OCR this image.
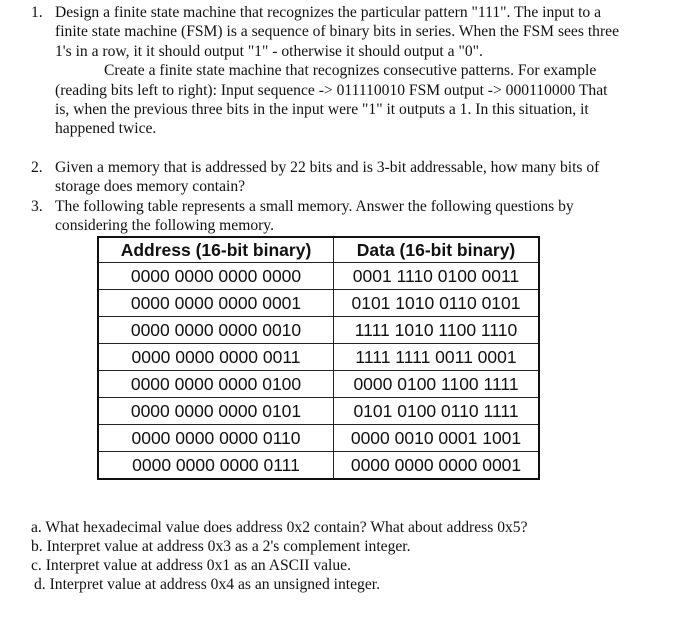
1. Design a finite state machine that recognizes the particular pattern "111". The input to a
finite state machine (FSM) is a sequence of binary bits in series. When the FSM sees three
1's in a row, it it should output "1" - otherwise it should output a "0".
Create a finite state machine that recognizes consecutive patterns. For example
(reading bits left to right): Input sequence -> 011110010 FSM output -> 000110000 That
is, when the previous three bits in the input were "1" it outputs a 1. In this situation, it
happened twice.
2. Given a memory that is addressed by 22 bits and is 3-bit addressable, how many bits of
storage does memory contain?
3. The following table represents a small memory. Answer the following questions by
considering the following memory.
Address (16-bit binary)	Data (16-bit binary)
0000 0000 0000 0000	0001 1110 0100 0011
0000 0000 0000 0001	0101 1010 0110 0101
0000 0000 0000 0010	1111 1010 1100 1110
0000 0000 0000 0011	1111 1111 0011 0001
0000 0000 0000 0100	0000 0100 1100 1111
0000 0000 0000 0101	0101 0100 0110 1111
0000 0000 0000 0110	0000 0010 0001 1001
0000 0000 0000 0111	0000 0000 0000 0001
a. What hexadecimal value does address 0x2 contain? What about address 0x5?
b. Interpret value at address 0x3 as a 2's complement integer.
c. Interpret value at address 0x1 as an ASCII value.
d. Interpret value at address 0x4 as an unsigned integer.
